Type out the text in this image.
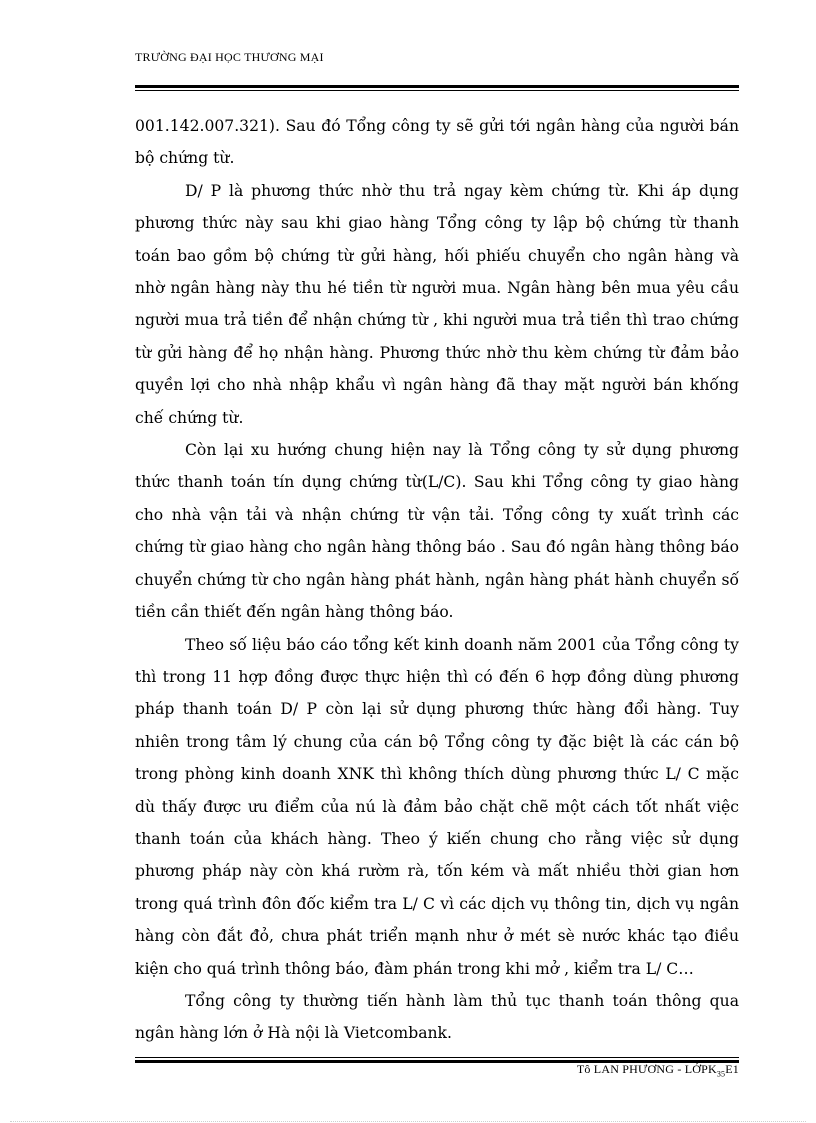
TRƯỜNG ĐẠI HỌC THƯƠNG MẠI

001.142.007.321). Sau đó Tổng công ty sẽ gửi tới ngân hàng của người bán bộ chứng từ.

D/ P là phương thức nhờ thu trả ngay kèm chứng từ. Khi áp dụng phương thức này sau khi giao hàng Tổng công ty lập bộ chứng từ thanh toán bao gồm bộ chứng từ gửi hàng, hối phiếu chuyển cho ngân hàng và nhờ ngân hàng này thu hé tiền từ người mua. Ngân hàng bên mua yêu cầu người mua trả tiền để nhận chứng từ , khi người mua trả tiền thì trao chứng từ gửi hàng để họ nhận hàng. Phương thức nhờ thu kèm chứng từ đảm bảo quyền lợi cho nhà nhập khẩu vì ngân hàng đã thay mặt người bán khống chế chứng từ.

Còn lại xu hướng chung hiện nay là Tổng công ty sử dụng phương thức thanh toán tín dụng chứng từ(L/C). Sau khi Tổng công ty giao hàng cho nhà vận tải và nhận chứng từ vận tải. Tổng công ty xuất trình các chứng từ giao hàng cho ngân hàng thông báo . Sau đó ngân hàng thông báo chuyển chứng từ cho ngân hàng phát hành, ngân hàng phát hành chuyển số tiền cần thiết đến ngân hàng thông báo.

Theo số liệu báo cáo tổng kết kinh doanh năm 2001 của Tổng công ty thì trong 11 hợp đồng được thực hiện thì có đến 6 hợp đồng dùng phương pháp thanh toán D/ P còn lại sử dụng phương thức hàng đổi hàng. Tuy nhiên trong tâm lý chung của cán bộ Tổng công ty đặc biệt là các cán bộ trong phòng kinh doanh XNK thì không thích dùng phương thức L/ C mặc dù thấy được ưu điểm của nú là đảm bảo chặt chẽ một cách tốt nhất việc thanh toán của khách hàng. Theo ý kiến chung cho rằng việc sử dụng phương pháp này còn khá rườm rà, tốn kém và mất nhiều thời gian hơn trong quá trình đôn đốc kiểm tra L/ C vì các dịch vụ thông tin, dịch vụ ngân hàng còn đắt đỏ, chưa phát triển mạnh như ở mét sè nước khác tạo điều kiện cho quá trình thông báo, đàm phán trong khi mở , kiểm tra L/ C…

Tổng công ty thường tiến hành làm thủ tục thanh toán thông qua ngân hàng lớn ở Hà nội là Vietcombank.

Tô LAN PHƯƠNG - LỚPK$_{35}$E1
